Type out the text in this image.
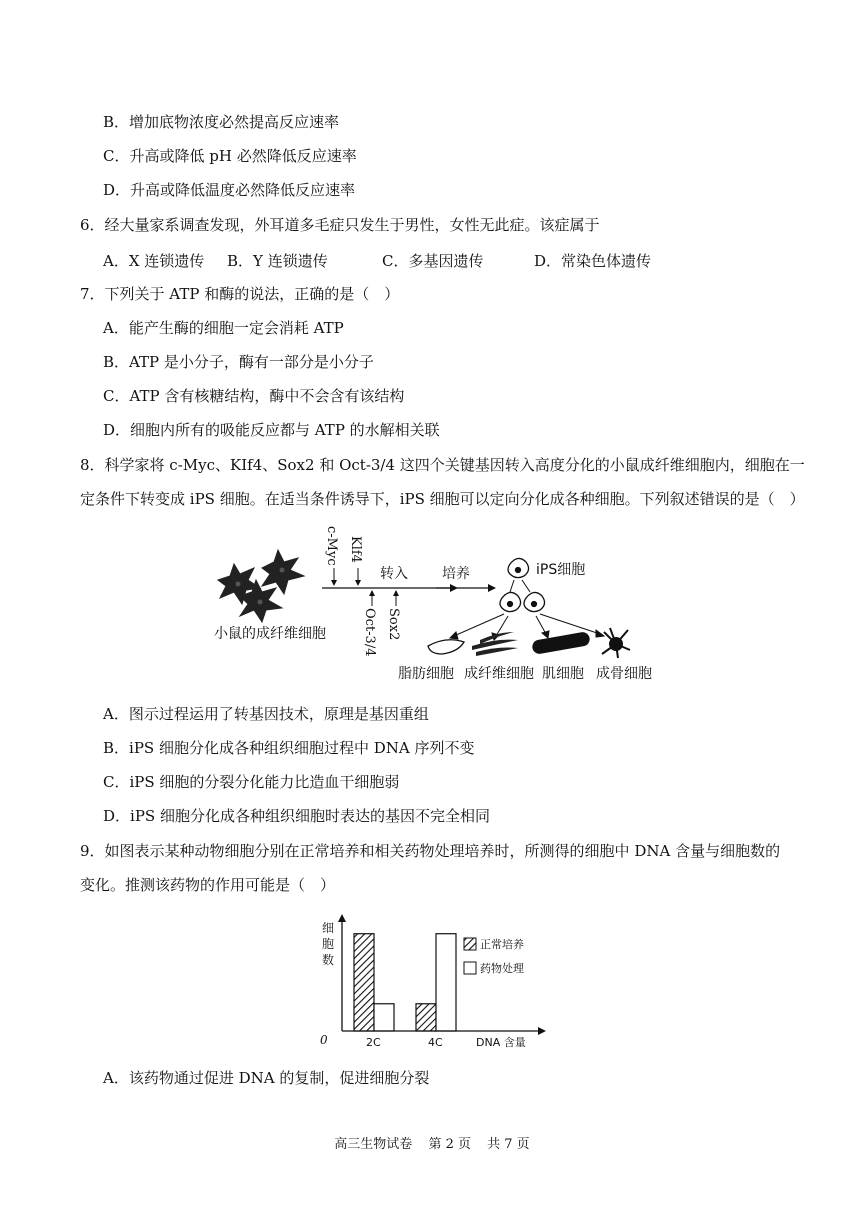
B．增加底物浓度必然提高反应速率
C．升高或降低 pH 必然降低反应速率
D．升高或降低温度必然降低反应速率
6．经大量家系调查发现，外耳道多毛症只发生于男性，女性无此症。该症属于
A．X 连锁遗传 B．Y 连锁遗传	C．多基因遗传	D．常染色体遗传
7．下列关于 ATP 和酶的说法，正确的是（　）
A．能产生酶的细胞一定会消耗 ATP
B．ATP 是小分子，酶有一部分是小分子
C．ATP 含有核糖结构，酶中不会含有该结构
D．细胞内所有的吸能反应都与 ATP 的水解相关联
8．科学家将 c-Myc、KIf4、Sox2 和 Oct-3/4 这四个关键基因转入高度分化的小鼠成纤维细胞内，细胞在一
定条件下转变成 iPS 细胞。在适当条件诱导下，iPS 细胞可以定向分化成各种细胞。下列叙述错误的是（　）
小鼠的成纤维细胞
c-Myc Klf4
Oct-3/4 Sox2
转入 培养	iPS细胞
脂肪细胞 成纤维细胞 肌细胞 成骨细胞
A．图示过程运用了转基因技术，原理是基因重组
B．iPS 细胞分化成各种组织细胞过程中 DNA 序列不变
C．iPS 细胞的分裂分化能力比造血干细胞弱
D．iPS 细胞分化成各种组织细胞时表达的基因不完全相同
9．如图表示某种动物细胞分别在正常培养和相关药物处理培养时，所测得的细胞中 DNA 含量与细胞数的
变化。推测该药物的作用可能是（　）
0
细
胞
数
2C	4C	DNA 含量
正常培养
药物处理
A．该药物通过促进 DNA 的复制，促进细胞分裂
高三生物试卷 第 2 页 共 7 页
